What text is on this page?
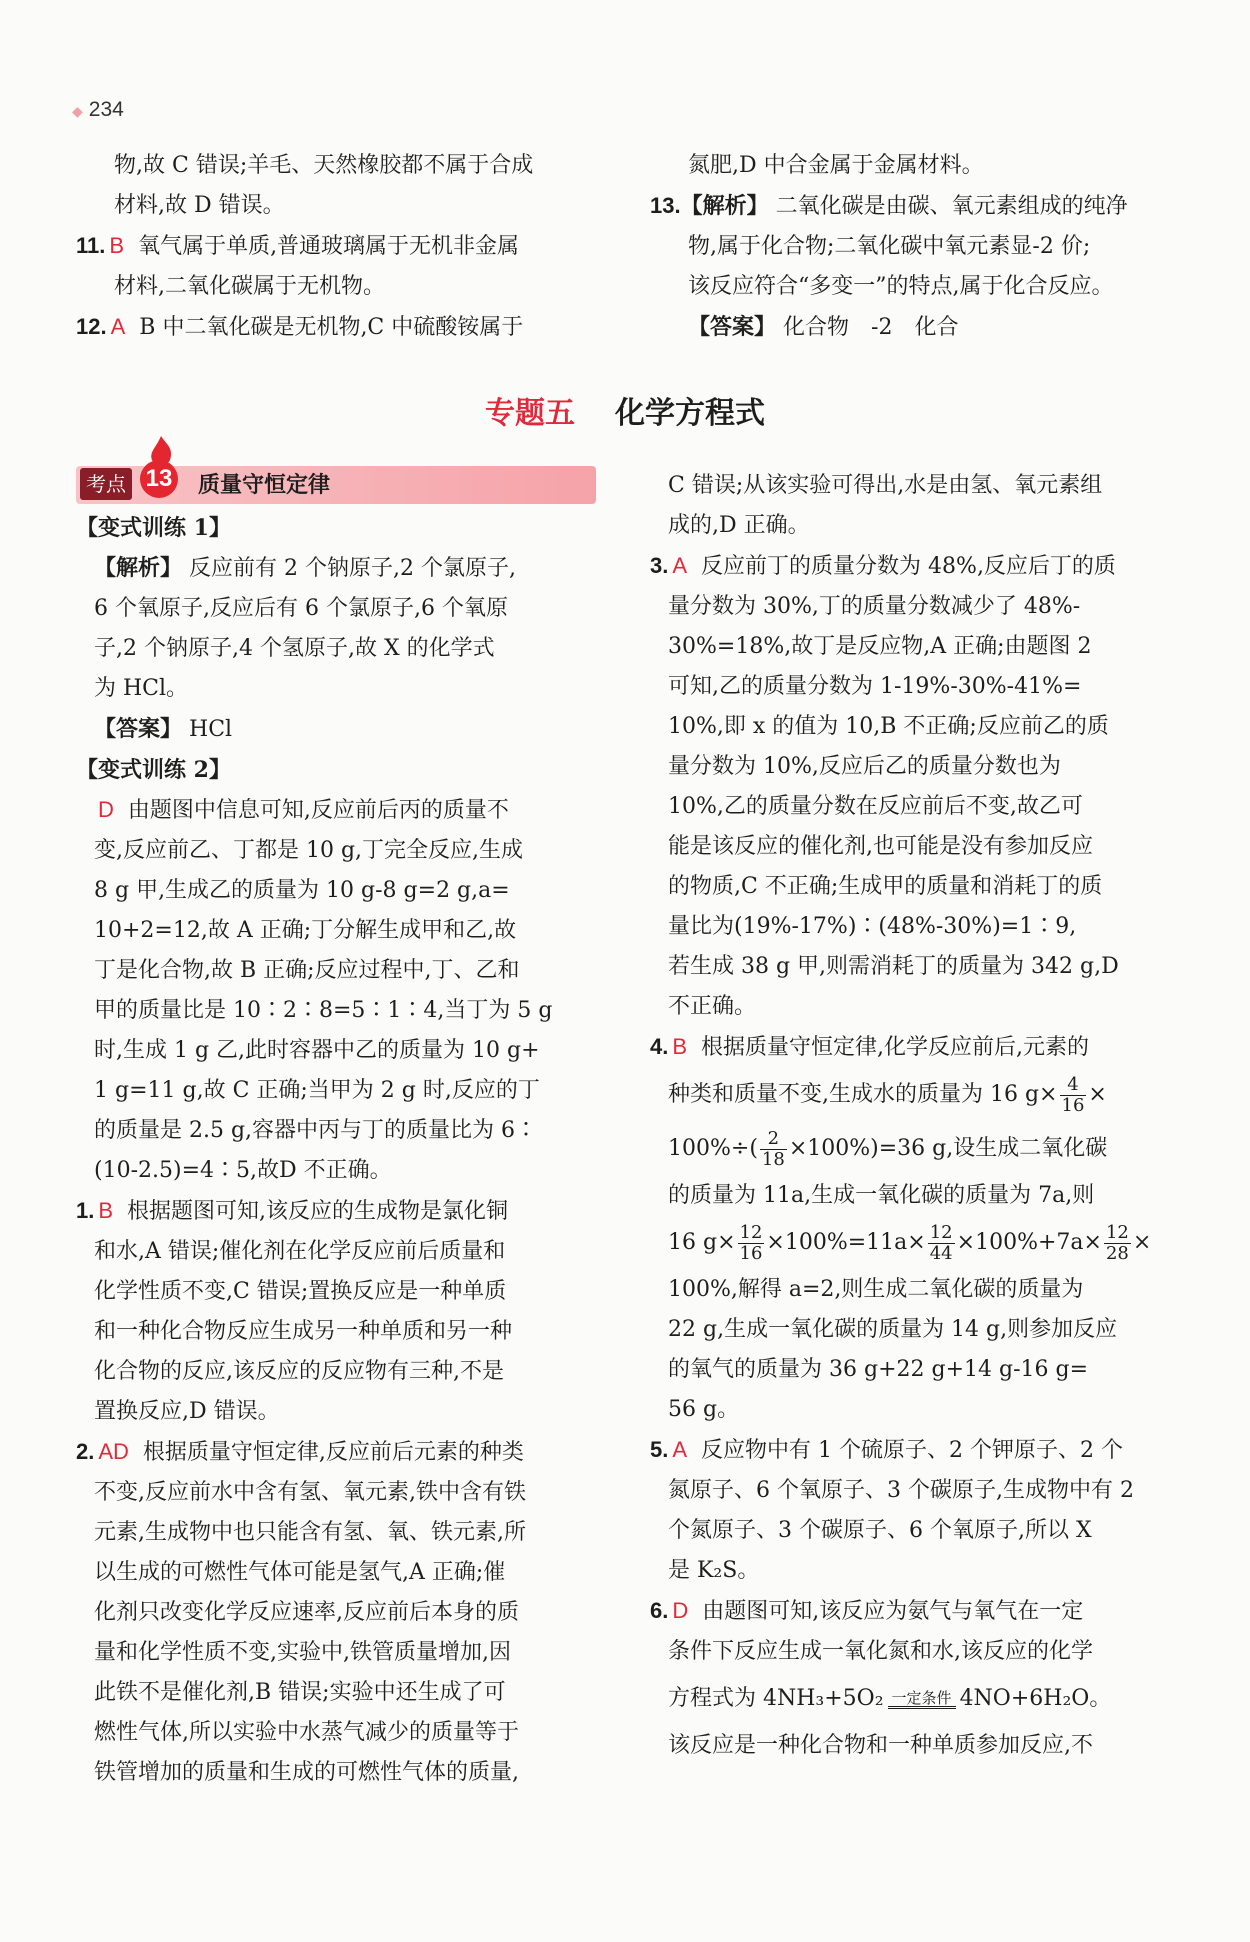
◆ 234

物,故 C 错误;羊毛、天然橡胶都不属于合成

材料,故 D 错误。

11. B 氧气属于单质,普通玻璃属于无机非金属

材料,二氧化碳属于无机物。

12. A B 中二氧化碳是无机物,C 中硫酸铵属于

氮肥,D 中合金属于金属材料。

13.【解析】 二氧化碳是由碳、氧元素组成的纯净

物,属于化合物;二氧化碳中氧元素显-2 价;

该反应符合“多变一”的特点,属于化合反应。

【答案】 化合物　-2　化合

专题五 化学方程式
考点 13 质量守恒定律

【变式训练 1】

【解析】 反应前有 2 个钠原子,2 个氯原子,

6 个氧原子,反应后有 6 个氯原子,6 个氧原

子,2 个钠原子,4 个氢原子,故 X 的化学式

为 HCl。

【答案】 HCl

【变式训练 2】

D 由题图中信息可知,反应前后丙的质量不

变,反应前乙、丁都是 10 g,丁完全反应,生成

8 g 甲,生成乙的质量为 10 g-8 g=2 g,a=

10+2=12,故 A 正确;丁分解生成甲和乙,故

丁是化合物,故 B 正确;反应过程中,丁、乙和

甲的质量比是 10∶2∶8=5∶1∶4,当丁为 5 g

时,生成 1 g 乙,此时容器中乙的质量为 10 g+

1 g=11 g,故 C 正确;当甲为 2 g 时,反应的丁

的质量是 2.5 g,容器中丙与丁的质量比为 6∶

(10-2.5)=4∶5,故D 不正确。

1. B 根据题图可知,该反应的生成物是氯化铜

和水,A 错误;催化剂在化学反应前后质量和

化学性质不变,C 错误;置换反应是一种单质

和一种化合物反应生成另一种单质和另一种

化合物的反应,该反应的反应物有三种,不是

置换反应,D 错误。

2. AD 根据质量守恒定律,反应前后元素的种类

不变,反应前水中含有氢、氧元素,铁中含有铁

元素,生成物中也只能含有氢、氧、铁元素,所

以生成的可燃性气体可能是氢气,A 正确;催

化剂只改变化学反应速率,反应前后本身的质

量和化学性质不变,实验中,铁管质量增加,因

此铁不是催化剂,B 错误;实验中还生成了可

燃性气体,所以实验中水蒸气减少的质量等于

铁管增加的质量和生成的可燃性气体的质量,

C 错误;从该实验可得出,水是由氢、氧元素组

成的,D 正确。

3. A 反应前丁的质量分数为 48%,反应后丁的质

量分数为 30%,丁的质量分数减少了 48%-

30%=18%,故丁是反应物,A 正确;由题图 2

可知,乙的质量分数为 1-19%-30%-41%=

10%,即 x 的值为 10,B 不正确;反应前乙的质

量分数为 10%,反应后乙的质量分数也为

10%,乙的质量分数在反应前后不变,故乙可

能是该反应的催化剂,也可能是没有参加反应

的物质,C 不正确;生成甲的质量和消耗丁的质

量比为(19%-17%)∶(48%-30%)=1∶9,

若生成 38 g 甲,则需消耗丁的质量为 342 g,D

不正确。

4. B 根据质量守恒定律,化学反应前后,元素的

种类和质量不变,生成水的质量为 16 $g\times \frac{4}{16}$ ×

$100\%\div( \frac{2}{18} \times 100\%)=36$ g,设生成二氧化碳

的质量为 11a,生成一氧化碳的质量为 7a,则

16 $g\times \frac{12}{16} \times 100\%=11a\times \frac{12}{44} \times 100\%+7a\times \frac{12}{28}$ ×

100%,解得 a=2,则生成二氧化碳的质量为

22 g,生成一氧化碳的质量为 14 g,则参加反应

的氧气的质量为 36 g+22 g+14 g-16 g=

56 g。

5. A 反应物中有 1 个硫原子、2 个钾原子、2 个

氮原子、6 个氧原子、3 个碳原子,生成物中有 2

个氮原子、3 个碳原子、6 个氧原子,所以 X

是 K₂S。

6. D 由题图可知,该反应为氨气与氧气在一定

条件下反应生成一氧化氮和水,该反应的化学

方程式为 4NH₃+5O₂ 一定条件 4NO+6H₂O。

该反应是一种化合物和一种单质参加反应,不
